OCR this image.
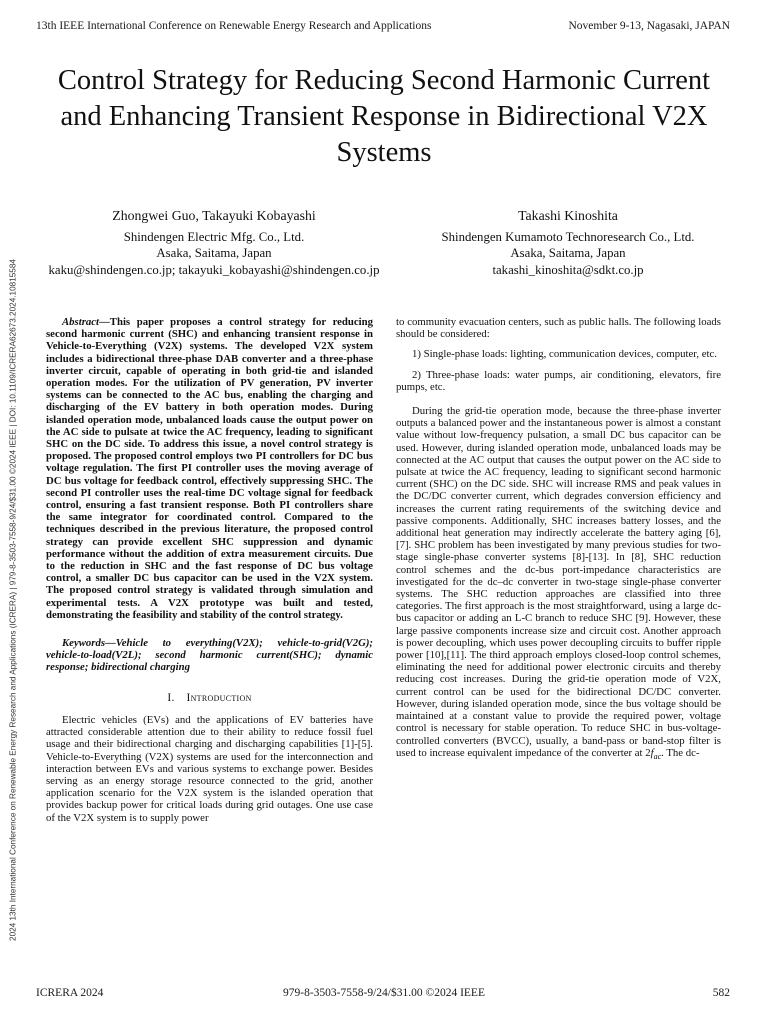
13th IEEE International Conference on Renewable Energy Research and Applications	November 9-13, Nagasaki, JAPAN
2024 13th International Conference on Renewable Energy Research and Applications (ICRERA) | 979-8-3503-7558-9/24/$31.00 ©2024 IEEE | DOI: 10.1109/ICRERA62673.2024.10815584
Control Strategy for Reducing Second Harmonic Current and Enhancing Transient Response in Bidirectional V2X Systems
Zhongwei Guo, Takayuki Kobayashi
Shindengen Electric Mfg. Co., Ltd.
Asaka, Saitama, Japan
kaku@shindengen.co.jp; takayuki_kobayashi@shindengen.co.jp
Takashi Kinoshita
Shindengen Kumamoto Technoresearch Co., Ltd.
Asaka, Saitama, Japan
takashi_kinoshita@sdkt.co.jp

Abstract—This paper proposes a control strategy for reducing second harmonic current (SHC) and enhancing transient response in Vehicle-to-Everything (V2X) systems. The developed V2X system includes a bidirectional three-phase DAB converter and a three-phase inverter circuit, capable of operating in both grid-tie and islanded operation modes. For the utilization of PV generation, PV inverter systems can be connected to the AC bus, enabling the charging and discharging of the EV battery in both operation modes. During islanded operation mode, unbalanced loads cause the output power on the AC side to pulsate at twice the AC frequency, leading to significant SHC on the DC side. To address this issue, a novel control strategy is proposed. The proposed control employs two PI controllers for DC bus voltage regulation. The first PI controller uses the moving average of DC bus voltage for feedback control, effectively suppressing SHC. The second PI controller uses the real-time DC voltage signal for feedback control, ensuring a fast transient response. Both PI controllers share the same integrator for coordinated control. Compared to the techniques described in the previous literature, the proposed control strategy can provide excellent SHC suppression and dynamic performance without the addition of extra measurement circuits. Due to the reduction in SHC and the fast response of DC bus voltage control, a smaller DC bus capacitor can be used in the V2X system. The proposed control strategy is validated through simulation and experimental tests. A V2X prototype was built and tested, demonstrating the feasibility and stability of the control strategy.

Keywords—Vehicle to everything(V2X); vehicle-to-grid(V2G); vehicle-to-load(V2L); second harmonic current(SHC); dynamic response; bidirectional charging

I.  Introduction

Electric vehicles (EVs) and the applications of EV batteries have attracted considerable attention due to their ability to reduce fossil fuel usage and their bidirectional charging and discharging capabilities [1]-[5]. Vehicle-to-Everything (V2X) systems are used for the interconnection and interaction between EVs and various systems to exchange power. Besides serving as an energy storage resource connected to the grid, another application scenario for the V2X system is the islanded operation that provides backup power for critical loads during grid outages. One use case of the V2X system is to supply power

to community evacuation centers, such as public halls. The following loads should be considered:

1) Single-phase loads: lighting, communication devices, computer, etc.

2) Three-phase loads: water pumps, air conditioning, elevators, fire pumps, etc.

During the grid-tie operation mode, because the three-phase inverter outputs a balanced power and the instantaneous power is almost a constant value without low-frequency pulsation, a small DC bus capacitor can be used. However, during islanded operation mode, unbalanced loads may be connected at the AC output that causes the output power on the AC side to pulsate at twice the AC frequency, leading to significant second harmonic current (SHC) on the DC side. SHC will increase RMS and peak values in the DC/DC converter current, which degrades conversion efficiency and increases the current rating requirements of the switching device and passive components. Additionally, SHC increases battery losses, and the additional heat generation may indirectly accelerate the battery aging [6], [7]. SHC problem has been investigated by many previous studies for two-stage single-phase converter systems [8]-[13]. In [8], SHC reduction control schemes and the dc-bus port-impedance characteristics are investigated for the dc–dc converter in two-stage single-phase converter systems. The SHC reduction approaches are classified into three categories. The first approach is the most straightforward, using a large dc-bus capacitor or adding an L-C branch to reduce SHC [9]. However, these large passive components increase size and circuit cost. Another approach is power decoupling, which uses power decoupling circuits to buffer ripple power [10],[11]. The third approach employs closed-loop control schemes, eliminating the need for additional power electronic circuits and thereby reducing cost increases. During the grid-tie operation mode of V2X, current control can be used for the bidirectional DC/DC converter. However, during islanded operation mode, since the bus voltage should be maintained at a constant value to provide the required power, voltage control is necessary for stable operation. To reduce SHC in bus-voltage-controlled converters (BVCC), usually, a band-pass or band-stop filter is used to increase equivalent impedance of the converter at $2f_{ac}$. The dc-

ICRERA 2024	979-8-3503-7558-9/24/$31.00 ©2024 IEEE	582
